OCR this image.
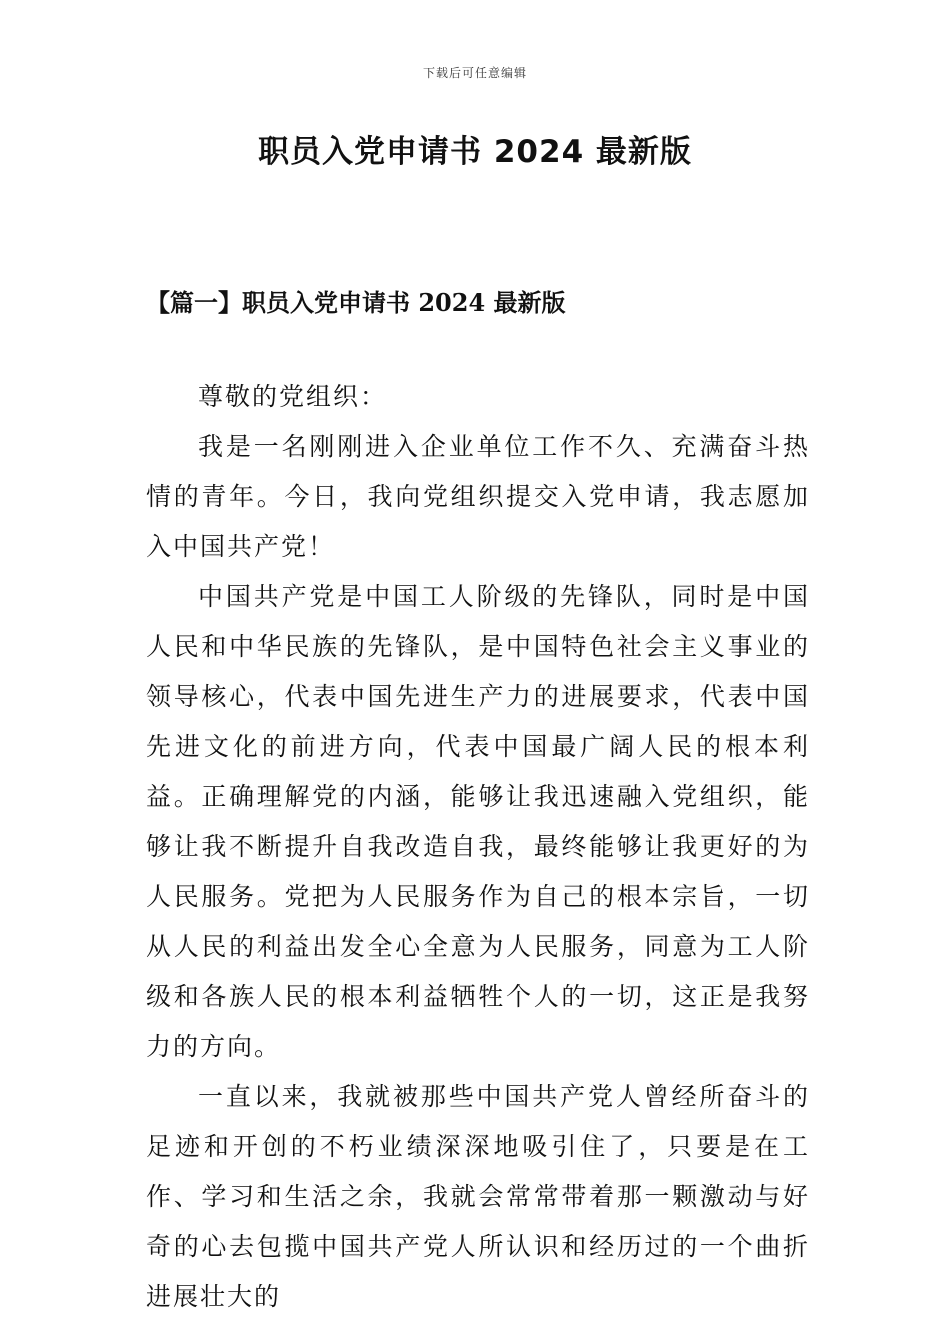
下载后可任意编辑
职员入党申请书 2024 最新版
【篇一】职员入党申请书 2024 最新版

尊敬的党组织：

我是一名刚刚进入企业单位工作不久、充满奋斗热情的青年。今日，我向党组织提交入党申请，我志愿加入中国共产党！

中国共产党是中国工人阶级的先锋队，同时是中国人民和中华民族的先锋队，是中国特色社会主义事业的领导核心，代表中国先进生产力的进展要求，代表中国先进文化的前进方向，代表中国最广阔人民的根本利益。正确理解党的内涵，能够让我迅速融入党组织，能够让我不断提升自我改造自我，最终能够让我更好的为人民服务。党把为人民服务作为自己的根本宗旨，一切从人民的利益出发全心全意为人民服务，同意为工人阶级和各族人民的根本利益牺牲个人的一切，这正是我努力的方向。

一直以来，我就被那些中国共产党人曾经所奋斗的足迹和开创的不朽业绩深深地吸引住了，只要是在工作、学习和生活之余，我就会常常带着那一颗激动与好奇的心去包揽中国共产党人所认识和经历过的一个曲折进展壮大的
